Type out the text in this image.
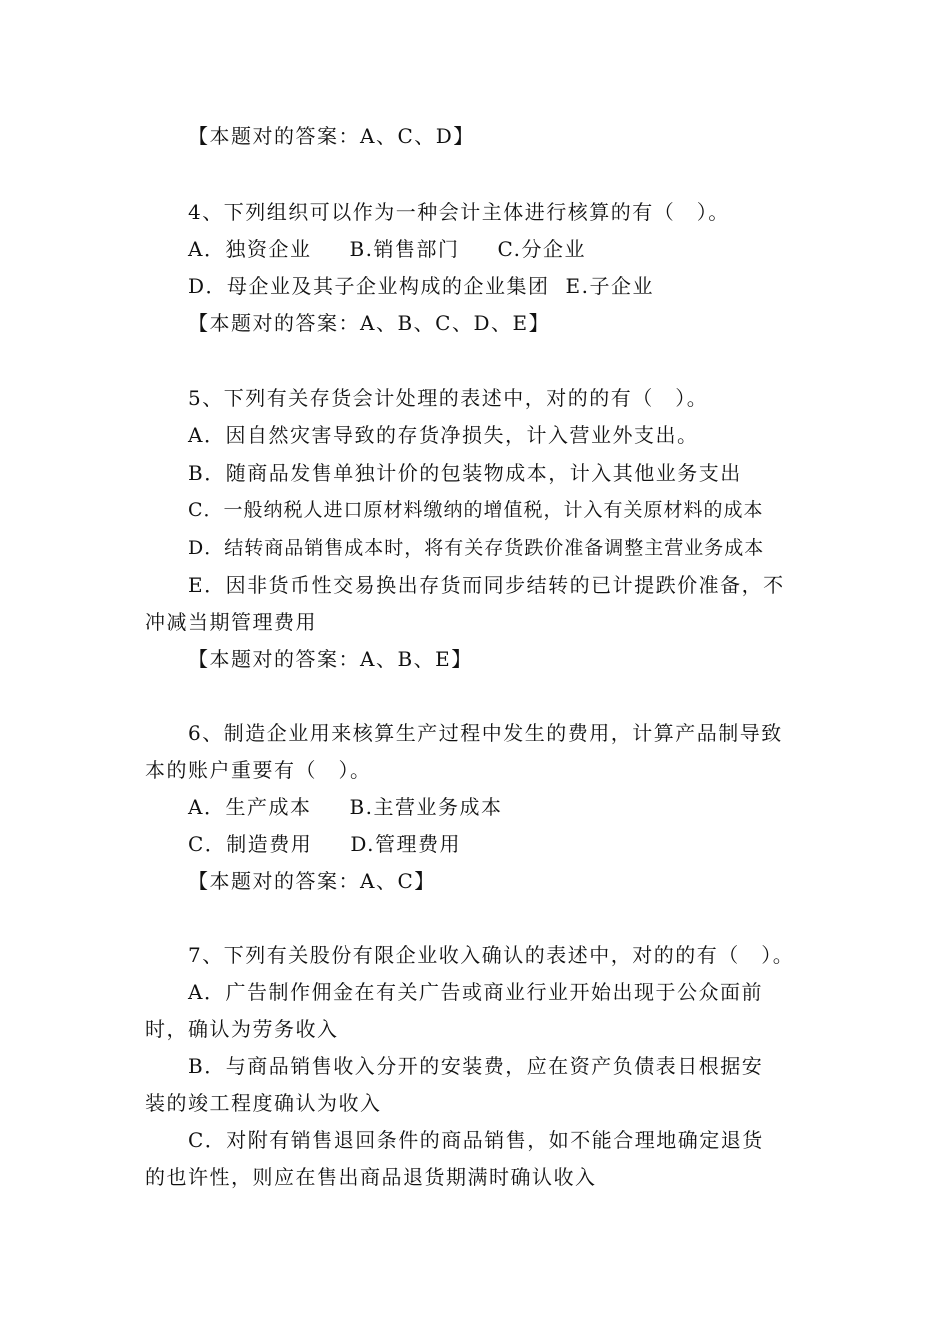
【本题对的答案：A、C、D】
4、下列组织可以作为一种会计主体进行核算的有（　）。
A．独资企业 B.销售部门 C.分企业
D．母企业及其子企业构成的企业集团 E.子企业
【本题对的答案：A、B、C、D、E】
5、下列有关存货会计处理的表述中，对的的有（　）。
A．因自然灾害导致的存货净损失，计入营业外支出。
B．随商品发售单独计价的包装物成本，计入其他业务支出
C．一般纳税人进口原材料缴纳的增值税，计入有关原材料的成本
D．结转商品销售成本时，将有关存货跌价准备调整主营业务成本
E．因非货币性交易换出存货而同步结转的已计提跌价准备，不
冲减当期管理费用
【本题对的答案：A、B、E】
6、制造企业用来核算生产过程中发生的费用，计算产品制导致
本的账户重要有（　）。
A．生产成本 B.主营业务成本
C．制造费用 D.管理费用
【本题对的答案：A、C】
7、下列有关股份有限企业收入确认的表述中，对的的有（　）。
A．广告制作佣金在有关广告或商业行业开始出现于公众面前
时，确认为劳务收入
B．与商品销售收入分开的安装费，应在资产负债表日根据安
装的竣工程度确认为收入
C．对附有销售退回条件的商品销售，如不能合理地确定退货
的也许性，则应在售出商品退货期满时确认收入
